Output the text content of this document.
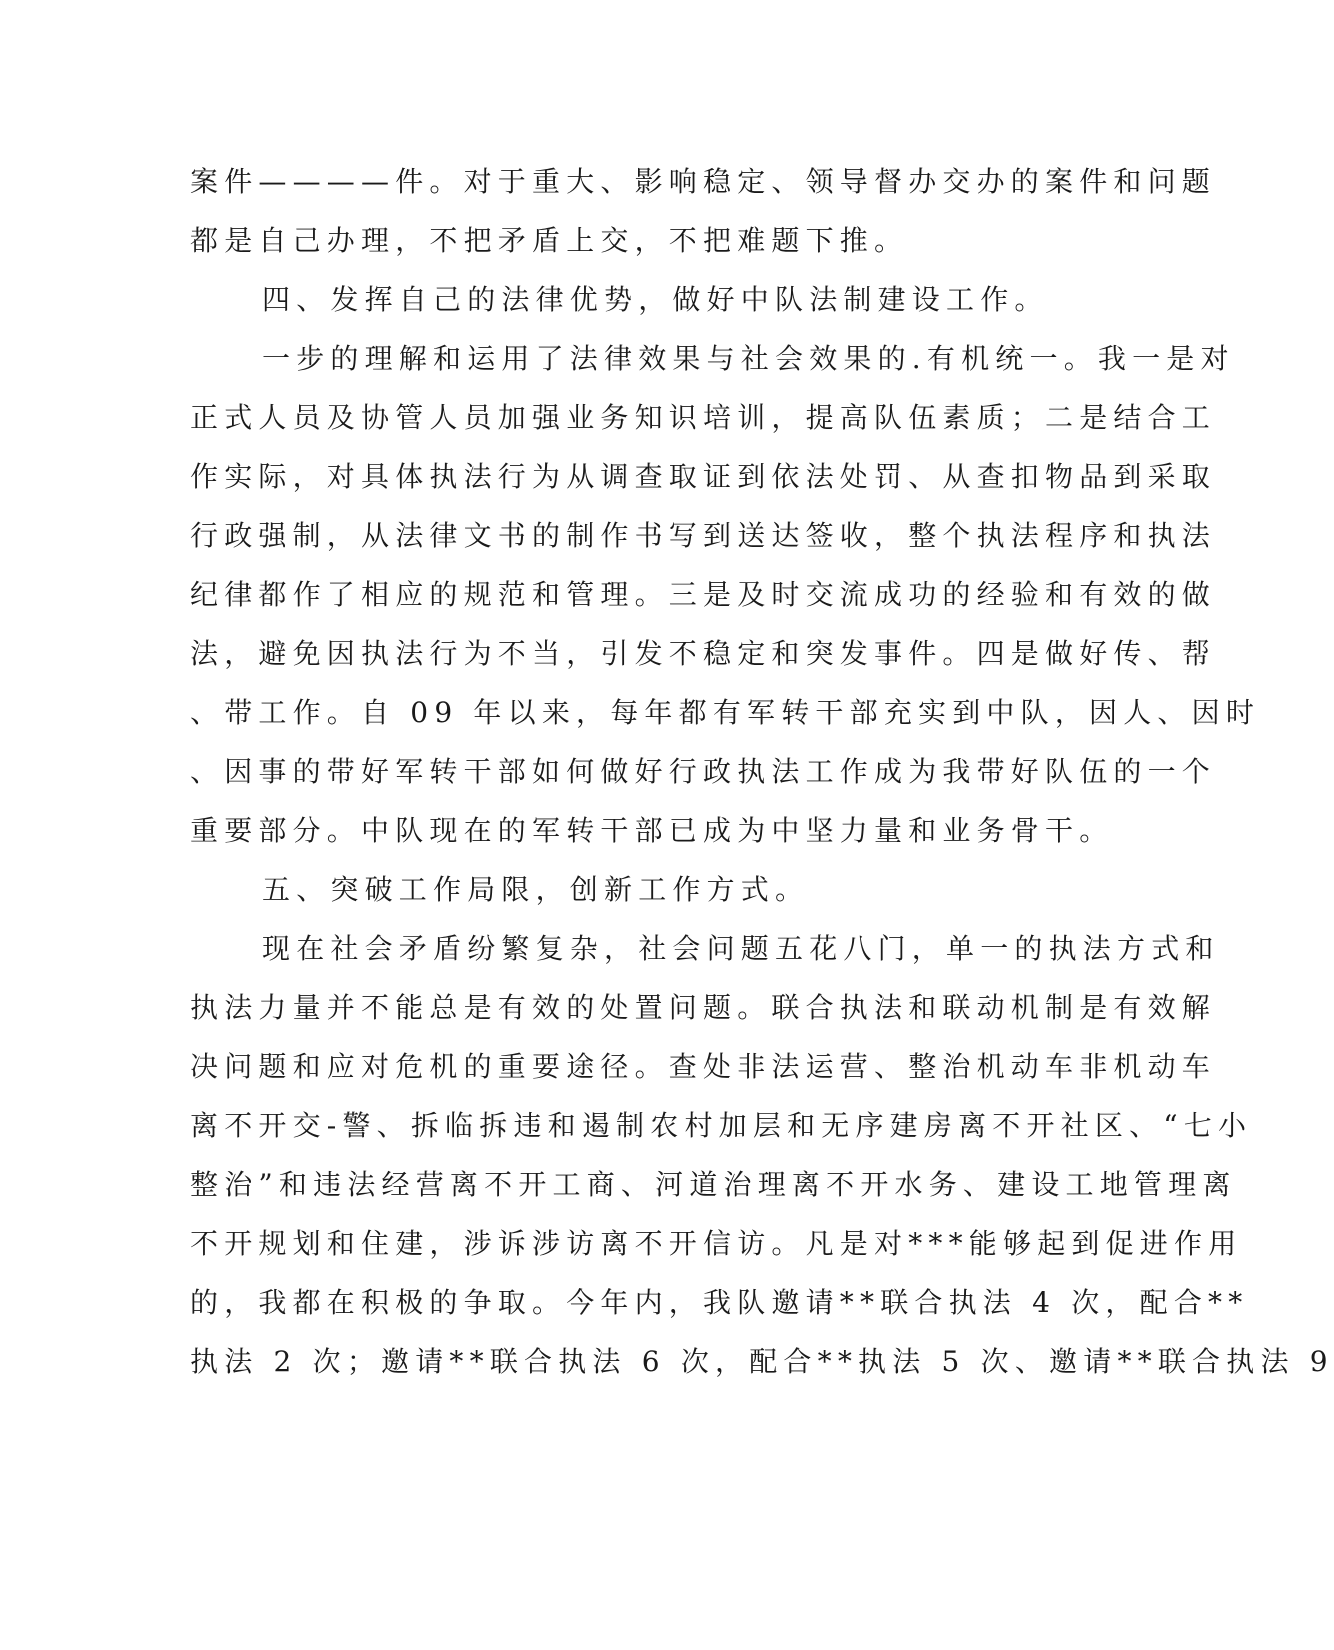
案件————件。对于重大、影响稳定、领导督办交办的案件和问题
都是自己办理，不把矛盾上交，不把难题下推。
四、发挥自己的法律优势，做好中队法制建设工作。
一步的理解和运用了法律效果与社会效果的.有机统一。我一是对
正式人员及协管人员加强业务知识培训，提高队伍素质；二是结合工
作实际，对具体执法行为从调查取证到依法处罚、从查扣物品到采取
行政强制，从法律文书的制作书写到送达签收，整个执法程序和执法
纪律都作了相应的规范和管理。三是及时交流成功的经验和有效的做
法，避免因执法行为不当，引发不稳定和突发事件。四是做好传、帮
、带工作。自 09 年以来，每年都有军转干部充实到中队，因人、因时
、因事的带好军转干部如何做好行政执法工作成为我带好队伍的一个
重要部分。中队现在的军转干部已成为中坚力量和业务骨干。
五、突破工作局限，创新工作方式。
现在社会矛盾纷繁复杂，社会问题五花八门，单一的执法方式和
执法力量并不能总是有效的处置问题。联合执法和联动机制是有效解
决问题和应对危机的重要途径。查处非法运营、整治机动车非机动车
离不开交-警、拆临拆违和遏制农村加层和无序建房离不开社区、“七小
整治”和违法经营离不开工商、河道治理离不开水务、建设工地管理离
不开规划和住建，涉诉涉访离不开信访。凡是对***能够起到促进作用
的，我都在积极的争取。今年内，我队邀请**联合执法 4 次，配合**
执法 2 次；邀请**联合执法 6 次，配合**执法 5 次、邀请**联合执法 9
